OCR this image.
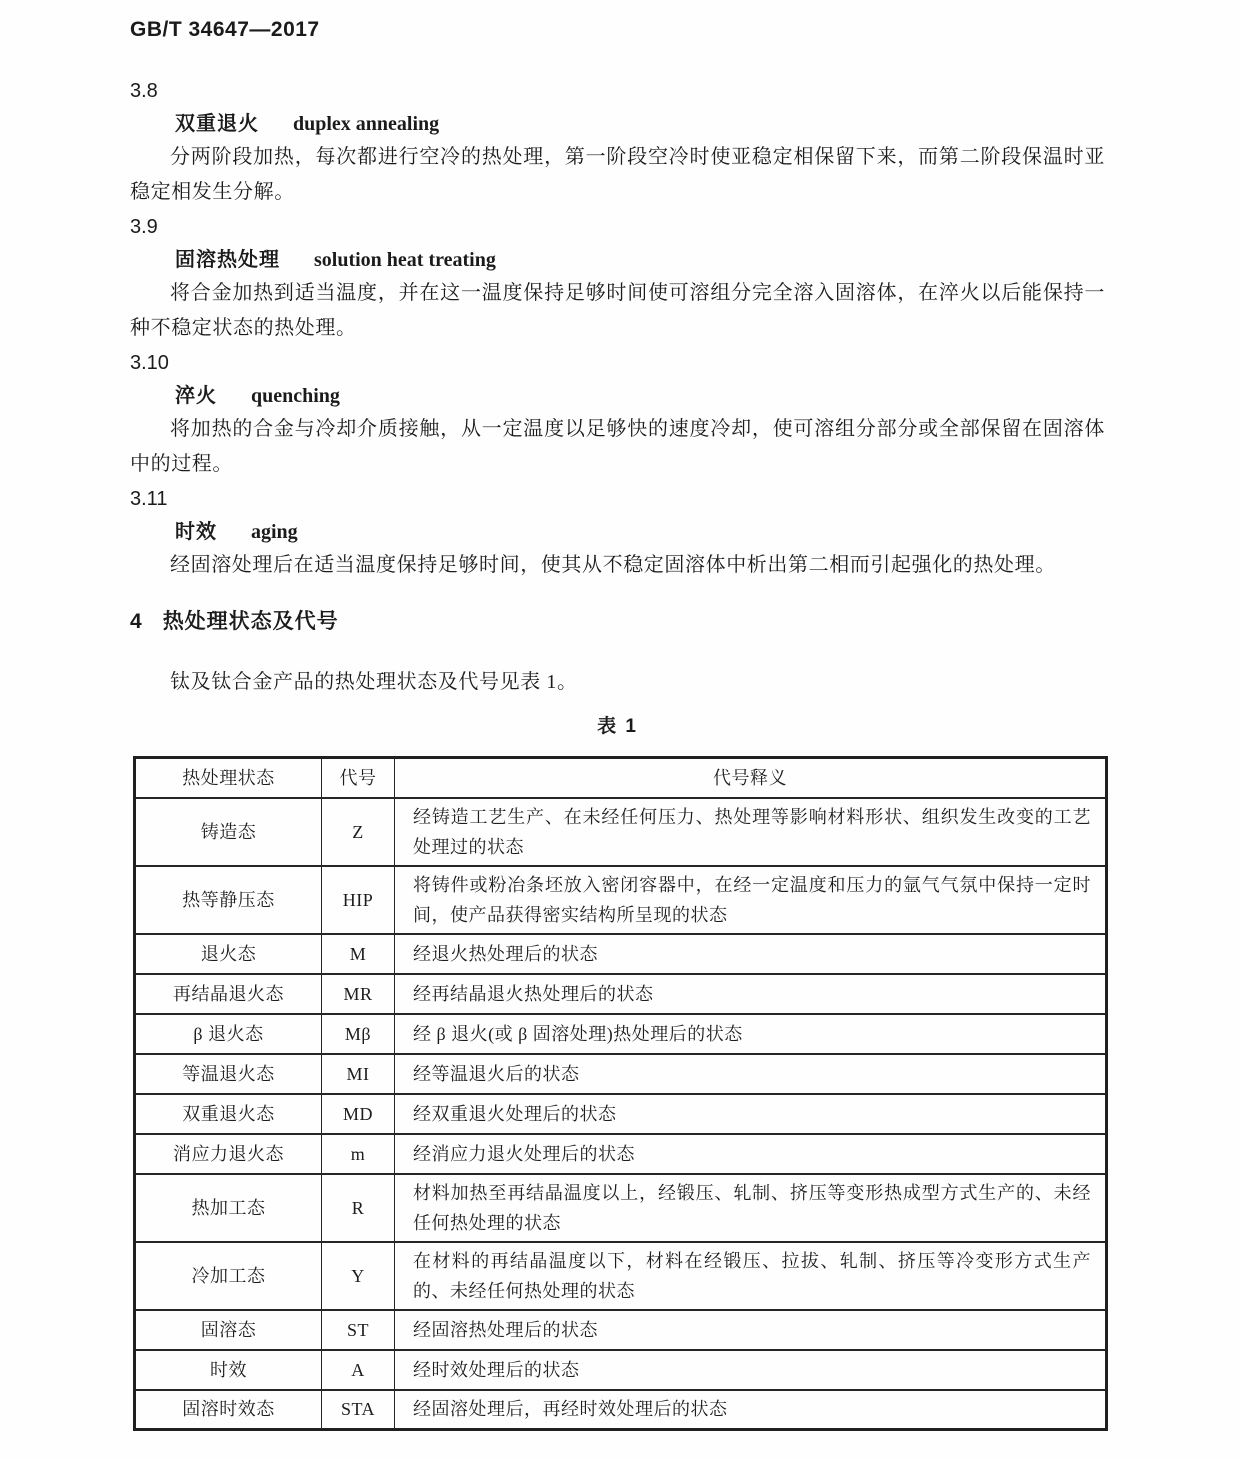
GB/T 34647—2017
3.8
双重退火 duplex annealing
分两阶段加热，每次都进行空冷的热处理，第一阶段空冷时使亚稳定相保留下来，而第二阶段保温时亚稳定相发生分解。
3.9
固溶热处理 solution heat treating
将合金加热到适当温度，并在这一温度保持足够时间使可溶组分完全溶入固溶体，在淬火以后能保持一种不稳定状态的热处理。
3.10
淬火 quenching
将加热的合金与冷却介质接触，从一定温度以足够快的速度冷却，使可溶组分部分或全部保留在固溶体中的过程。
3.11
时效 aging
经固溶处理后在适当温度保持足够时间，使其从不稳定固溶体中析出第二相而引起强化的热处理。
4 热处理状态及代号
钛及钛合金产品的热处理状态及代号见表 1。
表 1
热处理状态	代号	代号释义
铸造态	Z	经铸造工艺生产、在未经任何压力、热处理等影响材料形状、组织发生改变的工艺处理过的状态
热等静压态	HIP	将铸件或粉冶条坯放入密闭容器中，在经一定温度和压力的氩气气氛中保持一定时间，使产品获得密实结构所呈现的状态
退火态	M	经退火热处理后的状态
再结晶退火态	MR	经再结晶退火热处理后的状态
β 退火态	Mβ	经 β 退火(或 β 固溶处理)热处理后的状态
等温退火态	MI	经等温退火后的状态
双重退火态	MD	经双重退火处理后的状态
消应力退火态	m	经消应力退火处理后的状态
热加工态	R	材料加热至再结晶温度以上，经锻压、轧制、挤压等变形热成型方式生产的、未经任何热处理的状态
冷加工态	Y	在材料的再结晶温度以下，材料在经锻压、拉拔、轧制、挤压等冷变形方式生产的、未经任何热处理的状态
固溶态	ST	经固溶热处理后的状态
时效	A	经时效处理后的状态
固溶时效态	STA	经固溶处理后，再经时效处理后的状态
